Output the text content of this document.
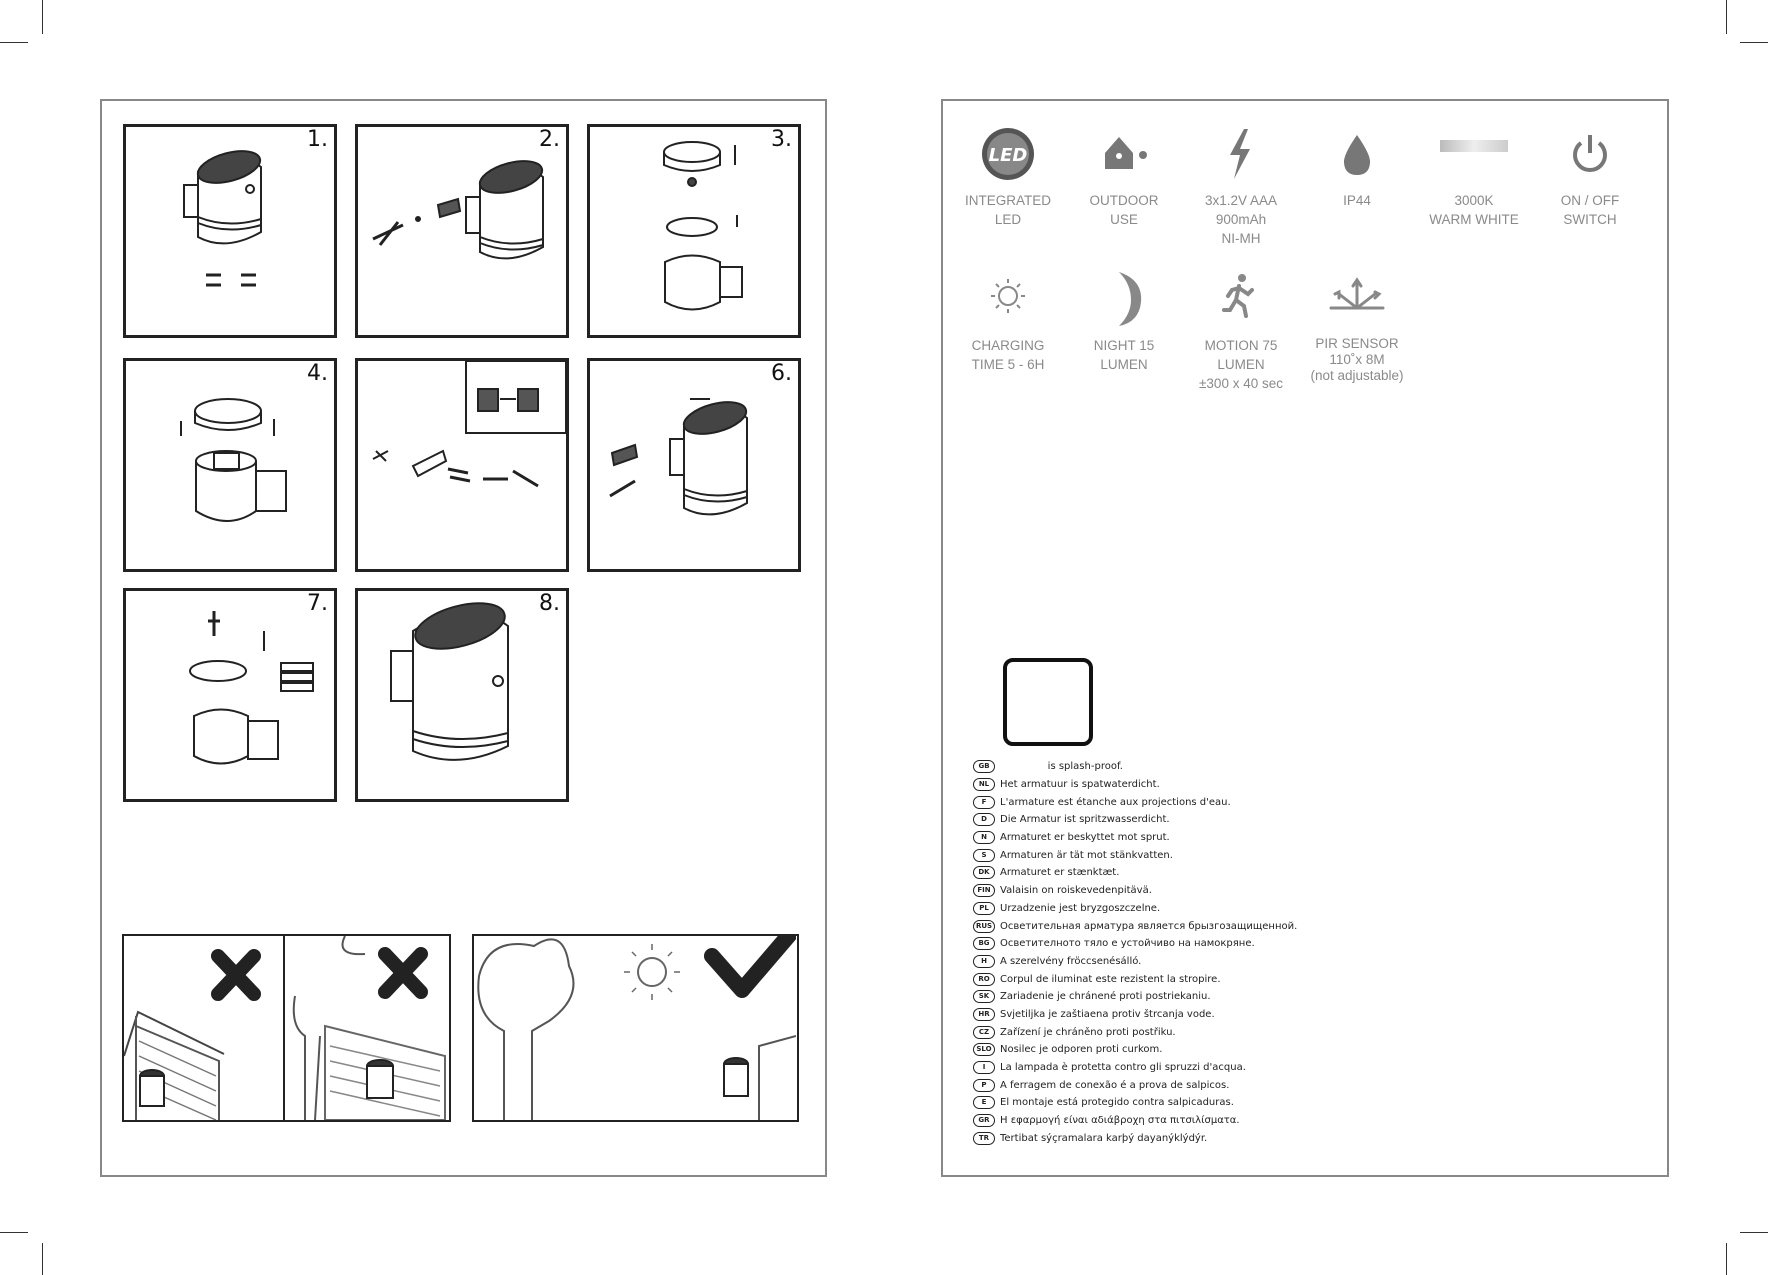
1.	2.	3.
4.	6.
7.	8.
LED
INTEGRATED
LED
OUTDOOR
USE
3x1.2V AAA
900mAh
NI-MH
IP44	3000K
WARM WHITE
ON / OFF
SWITCH
CHARGING
TIME 5 - 6H
NIGHT 15
LUMEN
MOTION 75
LUMEN
±300 x 40 sec
PIR SENSOR
110˚x 8M
(not adjustable)
GB	is splash-proof.
NL	Het armatuur is spatwaterdicht.
F	L'armature est étanche aux projections d'eau.
D	Die Armatur ist spritzwasserdicht.
N	Armaturet er beskyttet mot sprut.
S	Armaturen är tät mot stänkvatten.
DK	Armaturet er stænktæt.
FIN Valaisin on roiskevedenpitävä.
PL	Urzadzenie jest bryzgoszczelne.
RUS Осветительная арматура является брызгозащищенной.
BG	Осветителното тяло е устойчиво на намокряне.
H	A szerelvény fröccsenésálló.
RO	Corpul de iluminat este rezistent la stropire.
SK	Zariadenie je chránené proti postriekaniu.
HR	Svjetiljka je zaštiaena protiv štrcanja vode.
CZ	Zařízení je chráněno proti postřiku.
SLO Nosilec je odporen proti curkom.
I	La lampada è protetta contro gli spruzzi d'acqua.
P	A ferragem de conexão é a prova de salpicos.
E	El montaje está protegido contra salpicaduras.
GR	Η εφαρμογή είναι αδιάβροχη στα πιτσιλίσματα.
TR	Tertibat sýçramalara karþý dayanýklýdýr.
